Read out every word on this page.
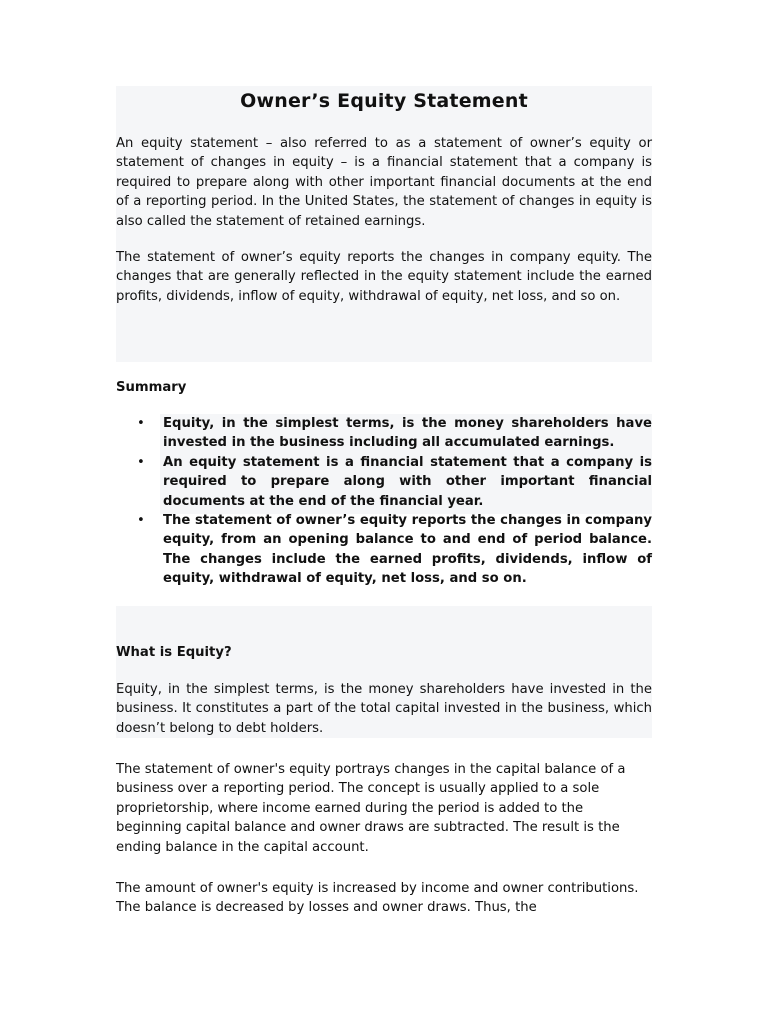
Owner’s Equity Statement

An equity statement – also referred to as a statement of owner’s equity or statement of changes in equity – is a financial statement that a company is required to prepare along with other important financial documents at the end of a reporting period. In the United States, the statement of changes in equity is also called the statement of retained earnings.

The statement of owner’s equity reports the changes in company equity. The changes that are generally reflected in the equity statement include the earned profits, dividends, inflow of equity, withdrawal of equity, net loss, and so on.

Summary
• Equity, in the simplest terms, is the money shareholders have invested in the business including all accumulated earnings.
• An equity statement is a financial statement that a company is required to prepare along with other important financial documents at the end of the financial year.
• The statement of owner’s equity reports the changes in company equity, from an opening balance to and end of period balance. The changes include the earned profits, dividends, inflow of equity, withdrawal of equity, net loss, and so on.
What is Equity?

Equity, in the simplest terms, is the money shareholders have invested in the business. It constitutes a part of the total capital invested in the business, which doesn’t belong to debt holders.

The statement of owner's equity portrays changes in the capital balance of a business over a reporting period. The concept is usually applied to a sole proprietorship, where income earned during the period is added to the beginning capital balance and owner draws are subtracted. The result is the ending balance in the capital account.

The amount of owner's equity is increased by income and owner contributions. The balance is decreased by losses and owner draws. Thus, the
